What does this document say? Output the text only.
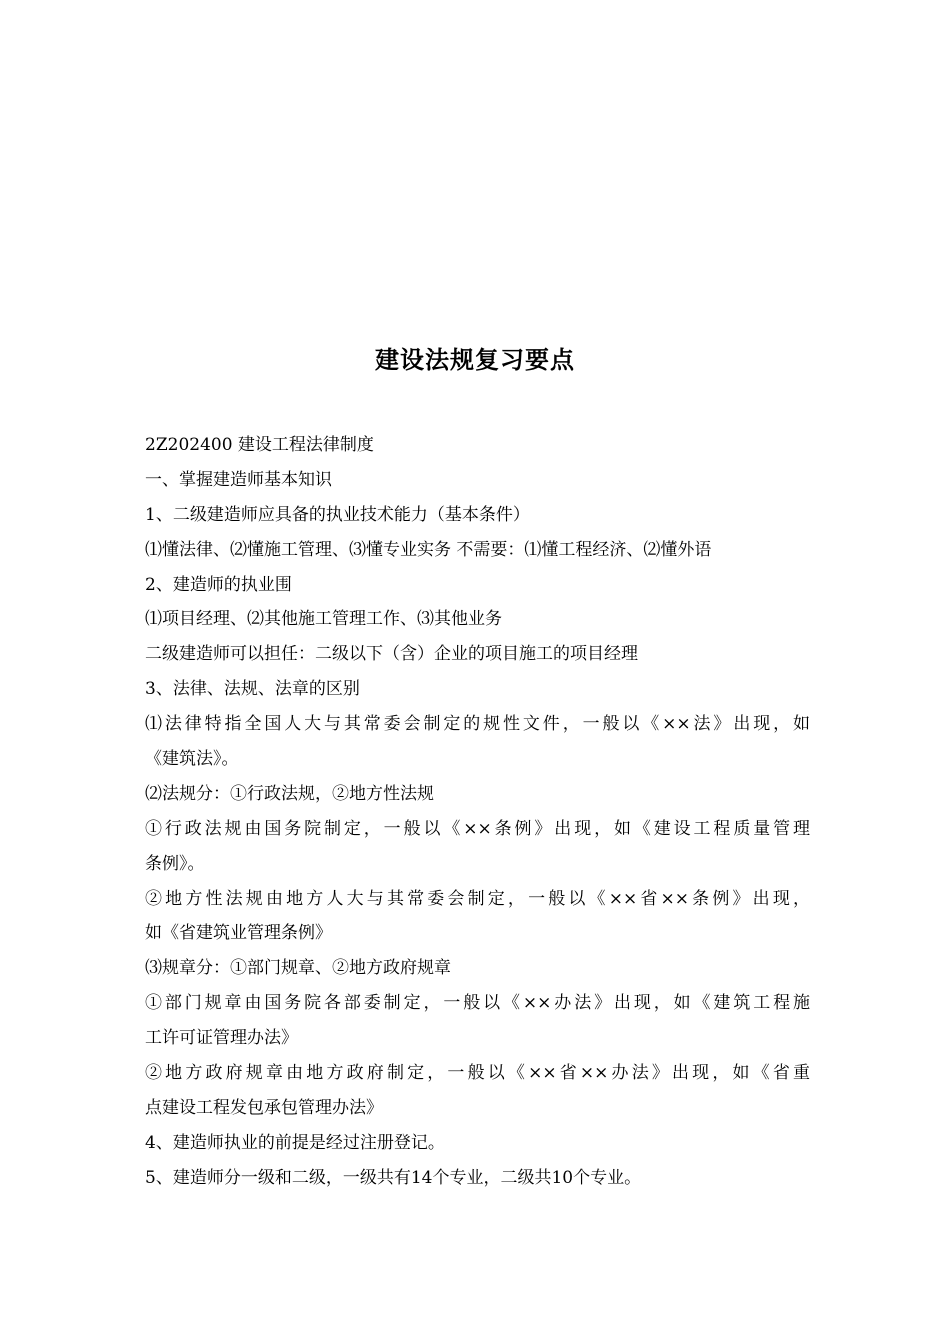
建设法规复习要点
2Z202400 建设工程法律制度
一、掌握建造师基本知识
1、二级建造师应具备的执业技术能力（基本条件）
⑴懂法律、⑵懂施工管理、⑶懂专业实务 不需要：⑴懂工程经济、⑵懂外语
2、建造师的执业围
⑴项目经理、⑵其他施工管理工作、⑶其他业务
二级建造师可以担任：二级以下（含）企业的项目施工的项目经理
3、法律、法规、法章的区别
⑴法律特指全国人大与其常委会制定的规性文件，一般以《××法》出现，如
《建筑法》。
⑵法规分：①行政法规，②地方性法规
①行政法规由国务院制定，一般以《××条例》出现，如《建设工程质量管理
条例》。
②地方性法规由地方人大与其常委会制定，一般以《××省××条例》出现，
如《省建筑业管理条例》
⑶规章分：①部门规章、②地方政府规章
①部门规章由国务院各部委制定，一般以《××办法》出现，如《建筑工程施
工许可证管理办法》
②地方政府规章由地方政府制定，一般以《××省××办法》出现，如《省重
点建设工程发包承包管理办法》
4、建造师执业的前提是经过注册登记。
5、建造师分一级和二级，一级共有14个专业，二级共10个专业。
